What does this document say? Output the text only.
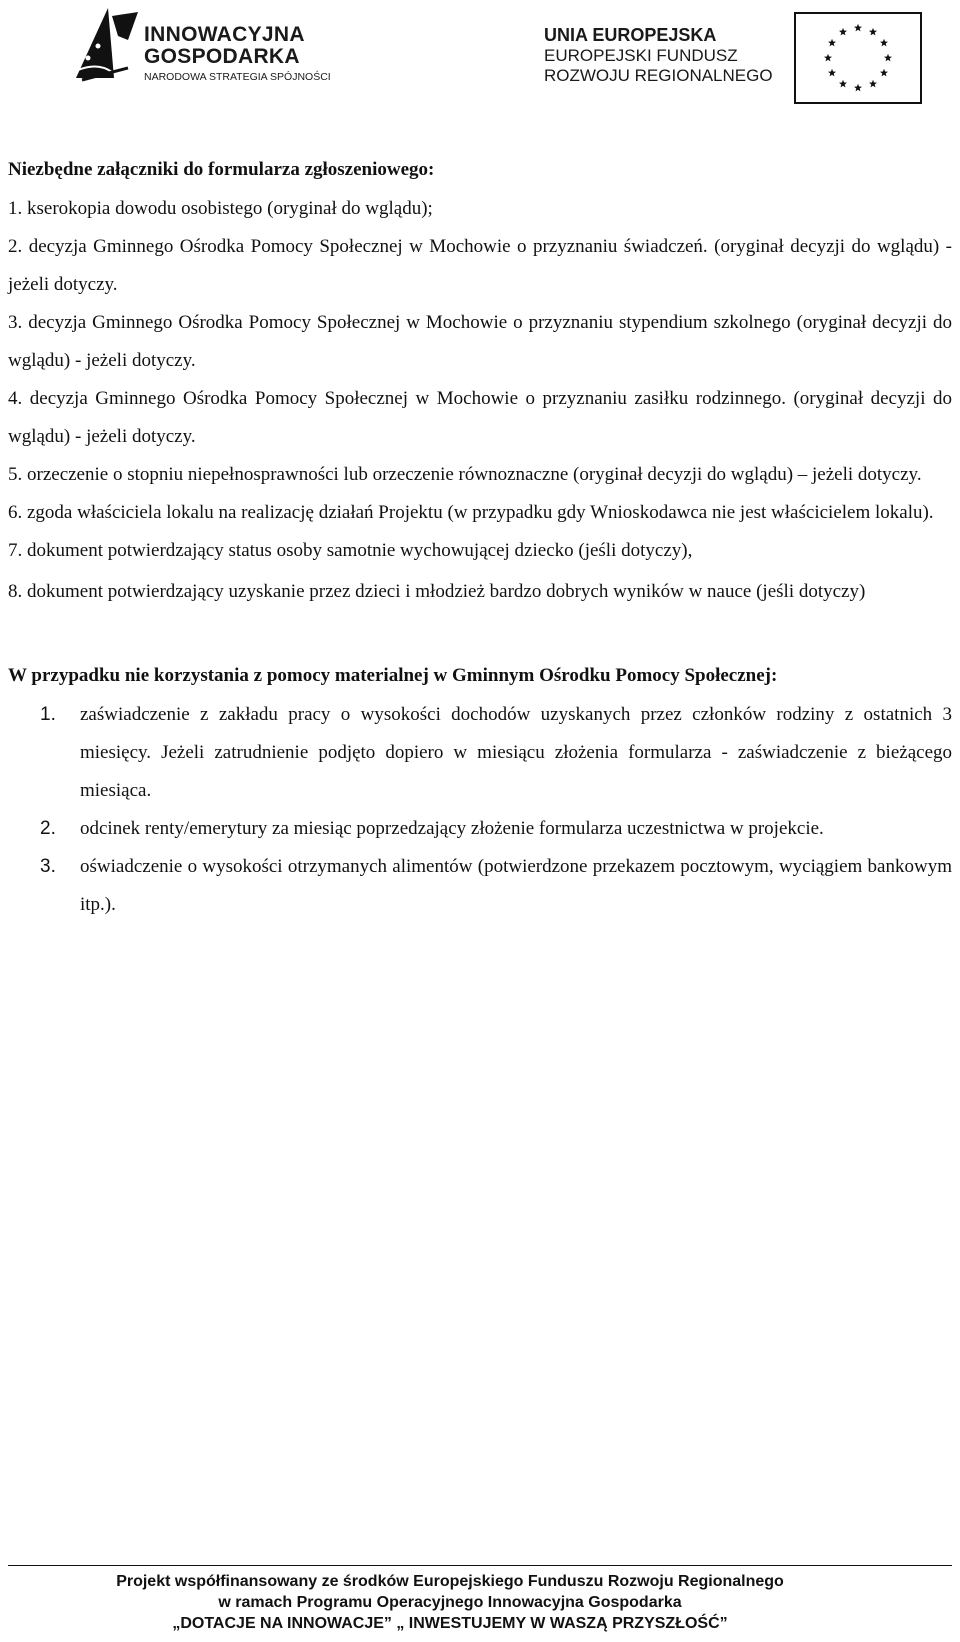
INNOWACYJNA
GOSPODARKA
NARODOWA STRATEGIA SPÓJNOŚCI
UNIA EUROPEJSKA
EUROPEJSKI FUNDUSZ
ROZWOJU REGIONALNEGO

Niezbędne załączniki do formularza zgłoszeniowego:

1. kserokopia dowodu osobistego (oryginał do wglądu);

2. decyzja Gminnego Ośrodka Pomocy Społecznej w Mochowie o przyznaniu świadczeń. (oryginał decyzji do wglądu) - jeżeli dotyczy.

3. decyzja Gminnego Ośrodka Pomocy Społecznej w Mochowie o przyznaniu stypendium szkolnego (oryginał decyzji do wglądu) - jeżeli dotyczy.

4. decyzja Gminnego Ośrodka Pomocy Społecznej w Mochowie o przyznaniu zasiłku rodzinnego. (oryginał decyzji do wglądu) - jeżeli dotyczy.

5. orzeczenie o stopniu niepełnosprawności lub orzeczenie równoznaczne (oryginał decyzji do wglądu) – jeżeli dotyczy.

6. zgoda właściciela lokalu na realizację działań Projektu (w przypadku gdy Wnioskodawca nie jest właścicielem lokalu).

7. dokument potwierdzający status osoby samotnie wychowującej dziecko (jeśli dotyczy),

8. dokument potwierdzający uzyskanie przez dzieci i młodzież bardzo dobrych wyników w nauce (jeśli dotyczy)

W przypadku nie korzystania z pomocy materialnej w Gminnym Ośrodku Pomocy Społecznej:

1. zaświadczenie z zakładu pracy o wysokości dochodów uzyskanych przez członków rodziny z ostatnich 3 miesięcy. Jeżeli zatrudnienie podjęto dopiero w miesiącu złożenia formularza - zaświadczenie z bieżącego miesiąca.
2. odcinek renty/emerytury za miesiąc poprzedzający złożenie formularza uczestnictwa w projekcie.
3. oświadczenie o wysokości otrzymanych alimentów (potwierdzone przekazem pocztowym, wyciągiem bankowym itp.).
Projekt współfinansowany ze środków Europejskiego Funduszu Rozwoju Regionalnego
w ramach Programu Operacyjnego Innowacyjna Gospodarka
„DOTACJE NA INNOWACJE” „ INWESTUJEMY W WASZĄ PRZYSZŁOŚĆ”
